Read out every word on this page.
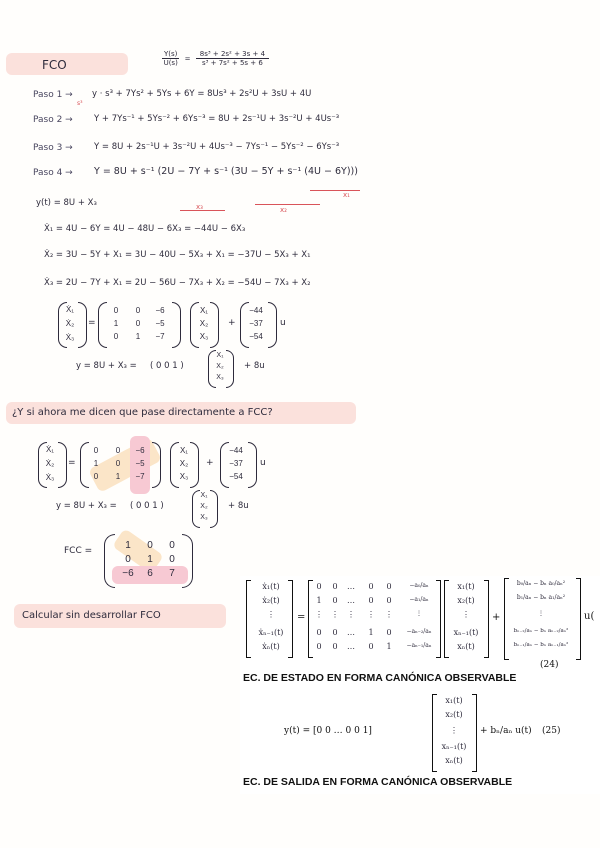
FCO	$\frac{Y(s)}{U(s)} = \frac{\text{8s³ + 2s² + 3s + 4}}{\text{s³ + 7s² + 5s + 6}}$
Paso 1 → y · s³ + 7Ys² + 5Ys + 6Y = 8Us³ + 2s²U + 3sU + 4U
s³
Paso 2 →	Y + 7Ys⁻¹ + 5Ys⁻² + 6Ys⁻³ = 8U + 2s⁻¹U + 3s⁻²U + 4Us⁻³
Paso 3 →	Y = 8U + 2s⁻¹U + 3s⁻²U + 4Us⁻³ − 7Ys⁻¹ − 5Ys⁻² − 6Ys⁻³
Paso 4 → Y = 8U + s⁻¹ (2U − 7Y + s⁻¹ (3U − 5Y + s⁻¹ (4U − 6Y)))
x₁
x₂
x₃
y(t) = 8U + X₃
Ẋ₁ = 4U − 6Y = 4U − 48U − 6X₃ = −44U − 6X₃
Ẋ₂ = 3U − 5Y + X₁ = 3U − 40U − 5X₃ + X₁ = −37U − 5X₃ + X₁
Ẋ₃ = 2U − 7Y + X₁ = 2U − 56U − 7X₃ + X₂ = −54U − 7X₃ + X₂
Ẋ₁
Ẋ₂
Ẋ₃
=
0	0	−6
1	0	−5
0	1	−7
X₁
X₂
X₃
+
−44
−37
−54
u
y = 8U + X₃ = ( 0 0 1 )
X₁
X₂
X₃
+ 8u
¿Y si ahora me dicen que pase directamente a FCC?
Ẋ₁
Ẋ₂
Ẋ₃
=
0	0	−6
1	0	−5
0	1	−7
X₁
X₂
X₃
+
−44
−37
−54
u
y = 8U + X₃ = ( 0 0 1 )
X₁
X₂
X₃
+ 8u
FCC =	1	0	0
0	1	0
−6	6	7
Calcular sin desarrollar FCO
ẋ₁(t)
ẋ₂(t)
⋮
ẋₙ₋₁(t)
ẋₙ(t)
=
0	0	…	0	0	−a₀/aₙ
1	0	…	0	0	−a₁/aₙ
⋮	⋮	⋮	⋮	⋮	⋮
0	0	…	1	0	−aₙ₋₂/aₙ
0	0	…	0	1	−aₙ₋₁/aₙ
x₁(t)
x₂(t)
⋮
xₙ₋₁(t)
xₙ(t)
+
b₀/aₙ − bₙ a₀/aₙ²
b₁/aₙ − bₙ a₁/aₙ²
⋮
bₙ₋₂/aₙ − bₙ aₙ₋₂/aₙ²
bₙ₋₁/aₙ − bₙ aₙ₋₁/aₙ²
u(
(24)
EC. DE ESTADO EN FORMA CANÓNICA OBSERVABLE
y(t) = [0 0 … 0 0 1]
x₁(t)
x₂(t)
⋮
xₙ₋₁(t)
xₙ(t)
+ bₙ/aₙ u(t) (25)
EC. DE SALIDA EN FORMA CANÓNICA OBSERVABLE
